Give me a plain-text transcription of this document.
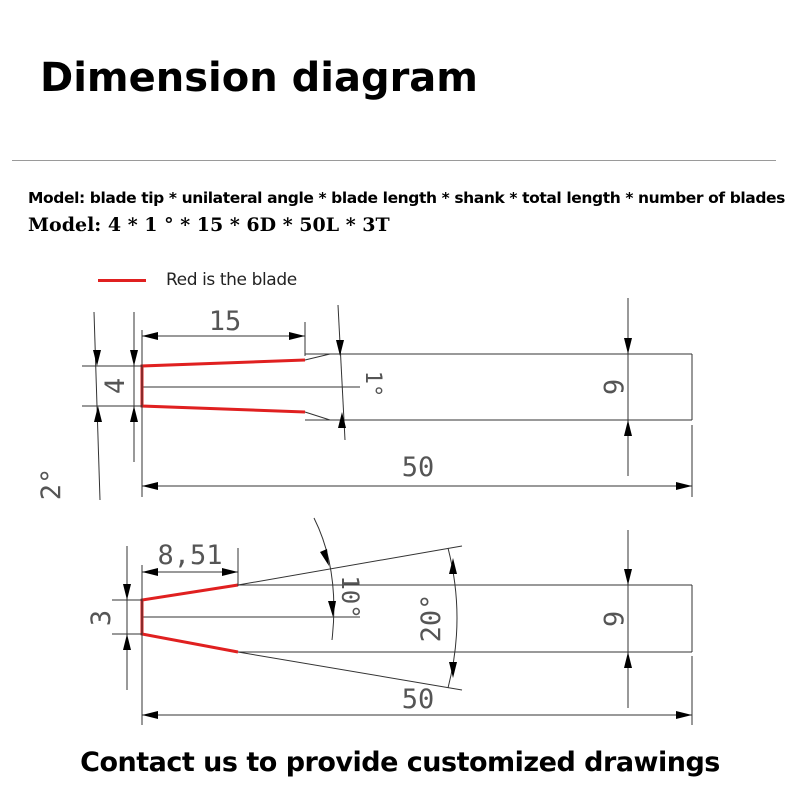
Dimension diagram
Model: blade tip * unilateral angle * blade length * shank * total length * number of blades
Model: 4 * 1 ° * 15 * 6D * 50L * 3T
Red is the blade
15
4
2°
1°	6
50
8,51
3	10° 20°	6
50
Contact us to provide customized drawings
